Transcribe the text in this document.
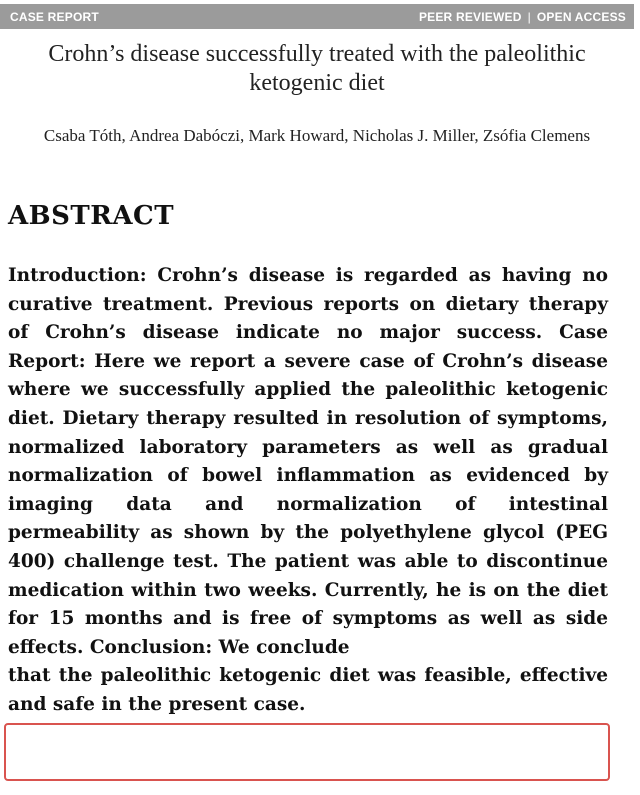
CASE REPORT	PEER REVIEWED | OPEN ACCESS
Crohn’s disease successfully treated with the paleolithic ketogenic diet
Csaba Tóth, Andrea Dabóczi, Mark Howard, Nicholas J. Miller, Zsófia Clemens
ABSTRACT
Introduction: Crohn’s disease is regarded as having no curative treatment. Previous reports on dietary therapy of Crohn’s disease indicate no major success. Case Report: Here we report a severe case of Crohn’s disease where we successfully applied the paleolithic ketogenic diet. Dietary therapy resulted in resolution of symptoms, normalized laboratory parameters as well as gradual normalization of bowel inflammation as evidenced by imaging data and normalization of intestinal permeability as shown by the polyethylene glycol (PEG 400) challenge test. The patient was able to discontinue medication within two weeks. Currently, he is on the diet for 15 months and is free of symptoms as well as side effects. Conclusion: We conclude
that the paleolithic ketogenic diet was feasible, effective and safe in the present case.
